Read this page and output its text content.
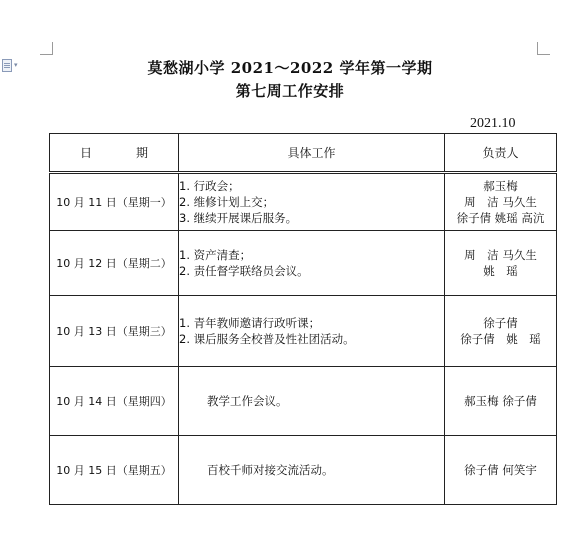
▾	莫愁湖小学 2021～2022 学年第一学期
第七周工作安排
2021.10
日 期	具体工作	负责人
10 月 11 日（星期一）	1. 行政会；
2. 维修计划上交；
3. 继续开展课后服务。	郝玉梅
周　洁 马久生
徐子倩 姚瑶 高沆

10 月 12 日（星期二）	1. 资产清查；
2. 责任督学联络员会议。	周　洁 马久生
姚　瑶

10 月 13 日（星期三）	1. 青年教师邀请行政听课；
2. 课后服务全校普及性社团活动。	徐子倩
徐子倩　姚　瑶

10 月 14 日（星期四）	教学工作会议。	郝玉梅 徐子倩

10 月 15 日（星期五）	百校千师对接交流活动。	徐子倩 何笑宇
